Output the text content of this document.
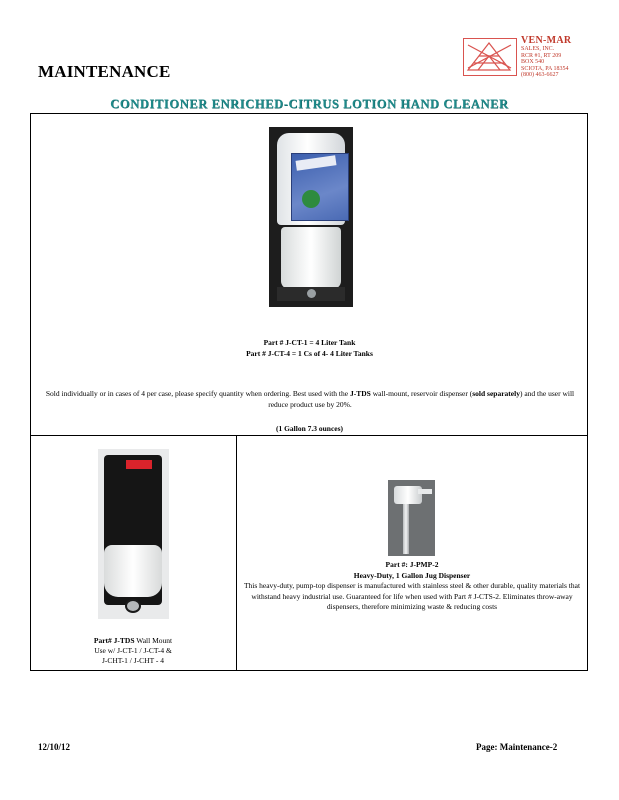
MAINTENANCE
CONDITIONER ENRICHED-CITRUS LOTION HAND CLEANER
VEN-MAR
SALES, INC.
RCR #1, RT 209
BOX 540
SCIOTA, PA 18354
(800) 463-6627
Part # J-CT-1 = 4 Liter Tank
Part # J-CT-4 = 1 Cs of 4- 4 Liter Tanks
Sold individually or in cases of 4 per case, please specify quantity when ordering. Best used with the J-TDS wall-mount, reservoir dispenser (sold separately) and the user will reduce product use by 20%.
(1 Gallon 7.3 ounces)
Part# J-TDS Wall Mount
Use w/ J-CT-1 / J-CT-4 &
J-CHT-1 / J-CHT - 4
Part #: J-PMP-2
Heavy-Duty, 1 Gallon Jug Dispenser
This heavy-duty, pump-top dispenser is manufactured with stainless steel & other durable, quality materials that withstand heavy industrial use. Guaranteed for life when used with Part # J-CTS-2. Eliminates throw-away dispensers, therefore minimizing waste & reducing costs
12/10/12	Page: Maintenance-2
